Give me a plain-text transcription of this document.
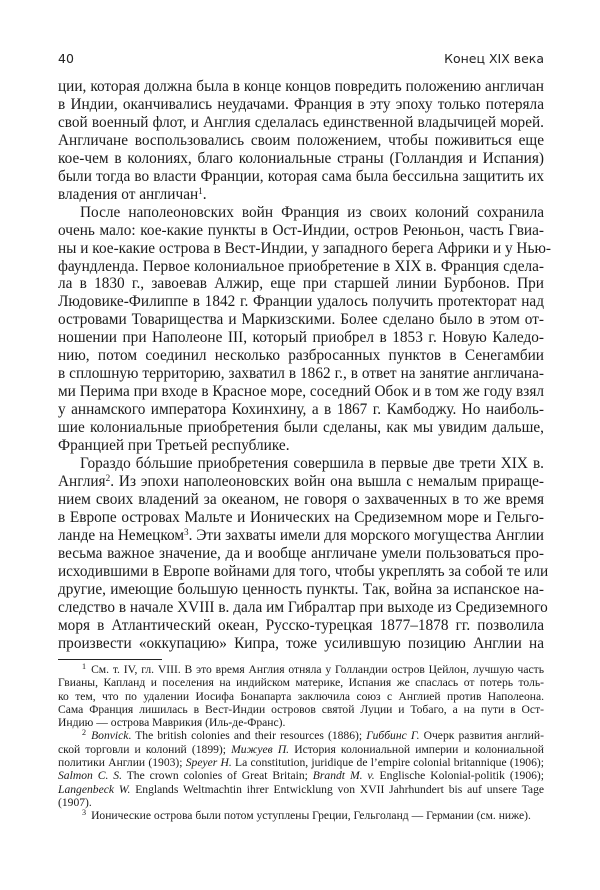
40	Конец XIX века
ции, которая должна была в конце концов повредить положению англичан
в Индии, оканчивались неудачами. Франция в эту эпоху только потеряла
свой военный флот, и Англия сделалась единственной владычицей морей.
Англичане воспользовались своим положением, чтобы поживиться еще
кое-чем в колониях, благо колониальные страны (Голландия и Испания)
были тогда во власти Франции, которая сама была бессильна защитить их
владения от англичан$^1$.
После наполеоновских войн Франция из своих колоний сохранила
очень мало: кое-какие пункты в Ост-Индии, остров Реюньон, часть Гвиа-
ны и кое-какие острова в Вест-Индии, у западного берега Африки и у Нью-
фаундленда. Первое колониальное приобретение в XIX в. Франция сдела-
ла в 1830 г., завоевав Алжир, еще при старшей линии Бурбонов. При
Людовике-Филиппе в 1842 г. Франции удалось получить протекторат над
островами Товарищества и Маркизскими. Более сделано было в этом от-
ношении при Наполеоне III, который приобрел в 1853 г. Новую Каледо-
нию, потом соединил несколько разбросанных пунктов в Сенегамбии
в сплошную территорию, захватил в 1862 г., в ответ на занятие англичана-
ми Перима при входе в Красное море, соседний Обок и в том же году взял
у аннамского императора Кохинхину, а в 1867 г. Камбоджу. Но наиболь-
шие колониальные приобретения были сделаны, как мы увидим дальше,
Францией при Третьей республике.
Гораздо бóльшие приобретения совершила в первые две трети XIX в.
Англия$^2$. Из эпохи наполеоновских войн она вышла с немалым прираще-
нием своих владений за океаном, не говоря о захваченных в то же время
в Европе островах Мальте и Ионических на Средиземном море и Гельго-
ланде на Немецком$^3$. Эти захваты имели для морского могущества Англии
весьма важное значение, да и вообще англичане умели пользоваться про-
исходившими в Европе войнами для того, чтобы укреплять за собой те или
другие, имеющие большую ценность пункты. Так, война за испанское на-
следство в начале XVIII в. дала им Гибралтар при выходе из Средиземного
моря в Атлантический океан, Русско-турецкая 1877–1878 гг. позволила
произвести «оккупацию» Кипра, тоже усилившую позицию Англии на
$^1$ См. т. IV, гл. VIII. В это время Англия отняла у Голландии остров Цейлон, лучшую часть
Гвианы, Капланд и поселения на индийском материке, Испания же спаслась от потерь толь-
ко тем, что по удалении Иосифа Бонапарта заключила союз с Англией против Наполеона.
Сама Франция лишилась в Вест-Индии островов святой Луции и Тобаго, а на пути в Ост-
Индию — острова Маврикия (Иль-де-Франс).
$^2$ Bonvick. The british colonies and their resources (1886); Гиббинс Г. Очерк развития англий-
ской торговли и колоний (1899); Мижуев П. История колониальной империи и колониальной
политики Англии (1903); Speyer H. La constitution, juridique de l’empire colonial britannique (1906);
Salmon C. S. The crown colonies of Great Britain; Brandt M. v. Englische Kolonial-politik (1906);
Langenbeck W. Englands Weltmachtin ihrer Entwicklung von XVII Jahrhundert bis auf unsere Tage
(1907).
$^3$ Ионические острова были потом уступлены Греции, Гельголанд — Германии (см. ниже).
